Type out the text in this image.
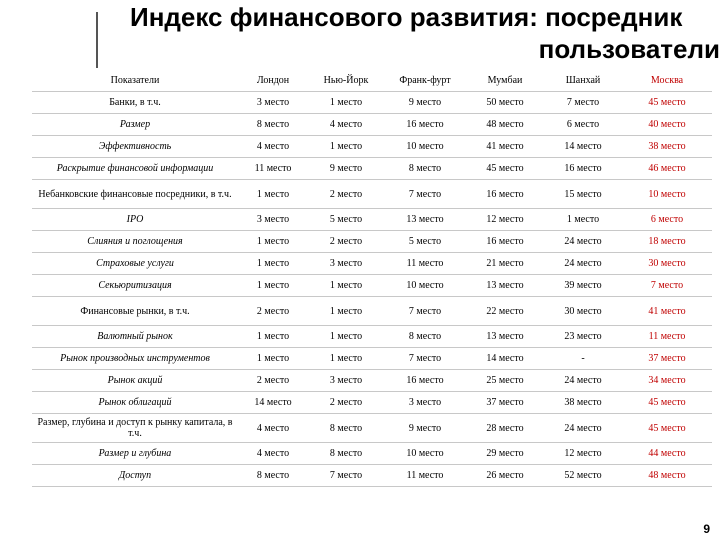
Индекс финансового развития: посредник
пользователи
Показатели	Лондон	Нью-Йорк	Франк-фурт	Мумбаи	Шанхай	Москва
Банки, в т.ч.	3 место	1 место	9 место	50 место	7 место	45 место
Размер	8 место	4 место	16 место	48 место	6 место	40 место
Эффективность	4 место	1 место	10 место	41 место	14 место	38 место
Раскрытие финансовой информации	11 место	9 место	8 место	45 место	16 место	46 место
Небанковские финансовые посредники, в т.ч.	1 место	2 место	7 место	16 место	15 место	10 место
IPO	3 место	5 место	13 место	12 место	1 место	6 место
Слияния и поглощения	1 место	2 место	5 место	16 место	24 место	18 место
Страховые услуги	1 место	3 место	11 место	21 место	24 место	30 место
Секьюритизация	1 место	1 место	10 место	13 место	39 место	7 место
Финансовые рынки, в т.ч.	2 место	1 место	7 место	22 место	30 место	41 место
Валютный рынок	1 место	1 место	8 место	13 место	23 место	11 место
Рынок производных инструментов	1 место	1 место	7 место	14 место	-	37 место
Рынок акций	2 место	3 место	16 место	25 место	24 место	34 место
Рынок облигаций	14 место	2 место	3 место	37 место	38 место	45 место
Размер, глубина и доступ к рынку капитала, в т.ч.	4 место	8 место	9 место	28 место	24 место	45 место
Размер и глубина	4 место	8 место	10 место	29 место	12 место	44 место
Доступ	8 место	7 место	11 место	26 место	52 место	48 место
9
